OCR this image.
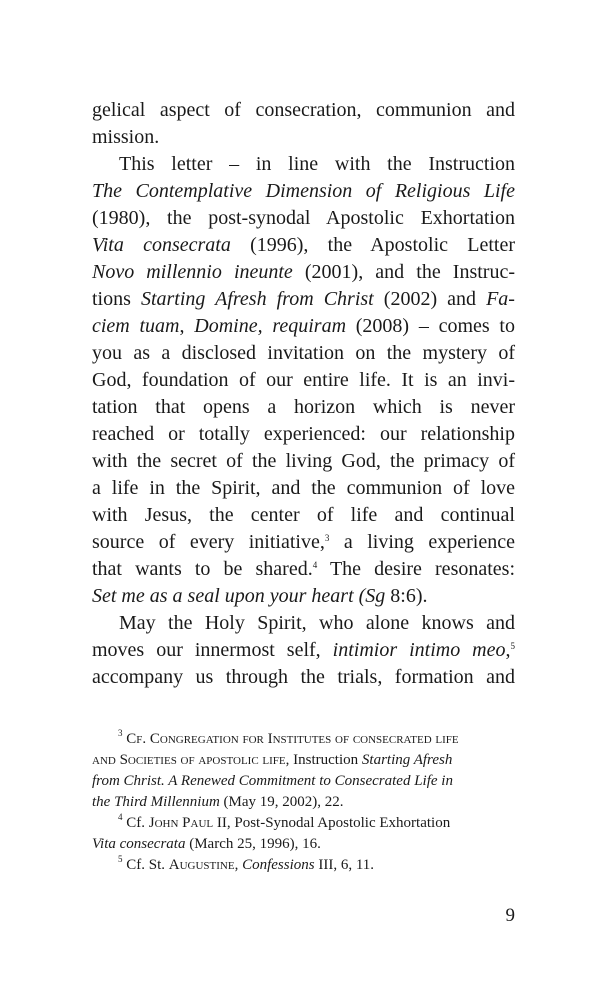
gelical aspect of consecration, communion and
mission.
This letter – in line with the Instruction
The Contemplative Dimension of Religious Life
(1980), the post-synodal Apostolic Exhortation
Vita consecrata (1996), the Apostolic Letter
Novo millennio ineunte (2001), and the Instruc-
tions Starting Afresh from Christ (2002) and Fa-
ciem tuam, Domine, requiram (2008) – comes to
you as a disclosed invitation on the mystery of
God, foundation of our entire life. It is an invi-
tation that opens a horizon which is never
reached or totally experienced: our relationship
with the secret of the living God, the primacy of
a life in the Spirit, and the communion of love
with Jesus, the center of life and continual
source of every initiative,$^3$ a living experience
that wants to be shared.$^4$ The desire resonates:
Set me as a seal upon your heart (Sg 8:6).
May the Holy Spirit, who alone knows and
moves our innermost self, intimior intimo meo,$^5$
accompany us through the trials, formation and
$^3$ Cf. Congregation for Institutes of consecrated life
and Societies of apostolic life, Instruction Starting Afresh
from Christ. A Renewed Commitment to Consecrated Life in
the Third Millennium (May 19, 2002), 22.
$^4$ Cf. John Paul II, Post-Synodal Apostolic Exhortation
Vita consecrata (March 25, 1996), 16.
$^5$ Cf. St. Augustine, Confessions III, 6, 11.
9
